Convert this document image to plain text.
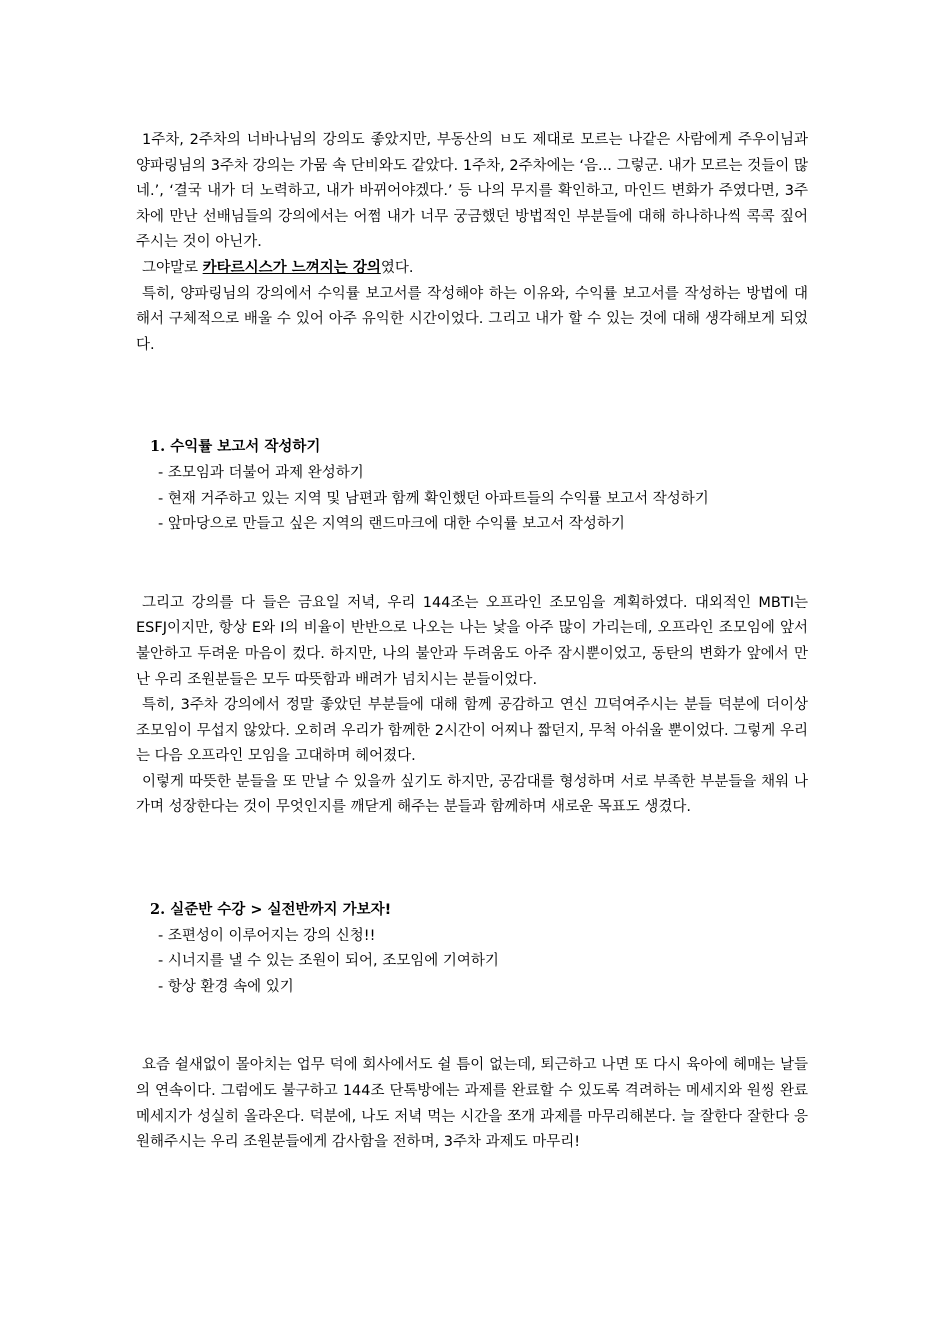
1주차, 2주차의 너바나님의 강의도 좋았지만, 부동산의 ㅂ도 제대로 모르는 나같은 사람에게 주우이님과 양파링님의 3주차 강의는 가뭄 속 단비와도 같았다. 1주차, 2주차에는 ‘음... 그렇군. 내가 모르는 것들이 많네.’, ‘결국 내가 더 노력하고, 내가 바뀌어야겠다.’ 등 나의 무지를 확인하고, 마인드 변화가 주였다면, 3주차에 만난 선배님들의 강의에서는 어쩜 내가 너무 궁금했던 방법적인 부분들에 대해 하나하나씩 콕콕 짚어주시는 것이 아닌가.

그야말로 카타르시스가 느껴지는 강의였다.

특히, 양파링님의 강의에서 수익률 보고서를 작성해야 하는 이유와, 수익률 보고서를 작성하는 방법에 대해서 구체적으로 배울 수 있어 아주 유익한 시간이었다. 그리고 내가 할 수 있는 것에 대해 생각해보게 되었다.

1. 수익률 보고서 작성하기

- 조모임과 더불어 과제 완성하기
- 현재 거주하고 있는 지역 및 남편과 함께 확인했던 아파트들의 수익률 보고서 작성하기
- 앞마당으로 만들고 싶은 지역의 랜드마크에 대한 수익률 보고서 작성하기

그리고 강의를 다 들은 금요일 저녁, 우리 144조는 오프라인 조모임을 계획하였다. 대외적인 MBTI는 ESFJ이지만, 항상 E와 I의 비율이 반반으로 나오는 나는 낯을 아주 많이 가리는데, 오프라인 조모임에 앞서 불안하고 두려운 마음이 컸다. 하지만, 나의 불안과 두려움도 아주 잠시뿐이었고, 동탄의 변화가 앞에서 만난 우리 조원분들은 모두 따뜻함과 배려가 넘치시는 분들이었다.

특히, 3주차 강의에서 정말 좋았던 부분들에 대해 함께 공감하고 연신 끄덕여주시는 분들 덕분에 더이상 조모임이 무섭지 않았다. 오히려 우리가 함께한 2시간이 어찌나 짧던지, 무척 아쉬울 뿐이었다. 그렇게 우리는 다음 오프라인 모임을 고대하며 헤어졌다.

이렇게 따뜻한 분들을 또 만날 수 있을까 싶기도 하지만, 공감대를 형성하며 서로 부족한 부분들을 채워 나가며 성장한다는 것이 무엇인지를 깨닫게 해주는 분들과 함께하며 새로운 목표도 생겼다.

2. 실준반 수강 > 실전반까지 가보자!

- 조편성이 이루어지는 강의 신청!!
- 시너지를 낼 수 있는 조원이 되어, 조모임에 기여하기
- 항상 환경 속에 있기

요즘 쉴새없이 몰아치는 업무 덕에 회사에서도 쉴 틈이 없는데, 퇴근하고 나면 또 다시 육아에 헤매는 날들의 연속이다. 그럼에도 불구하고 144조 단톡방에는 과제를 완료할 수 있도록 격려하는 메세지와 원씽 완료 메세지가 성실히 올라온다. 덕분에, 나도 저녁 먹는 시간을 쪼개 과제를 마무리해본다. 늘 잘한다 잘한다 응원해주시는 우리 조원분들에게 감사함을 전하며, 3주차 과제도 마무리!
